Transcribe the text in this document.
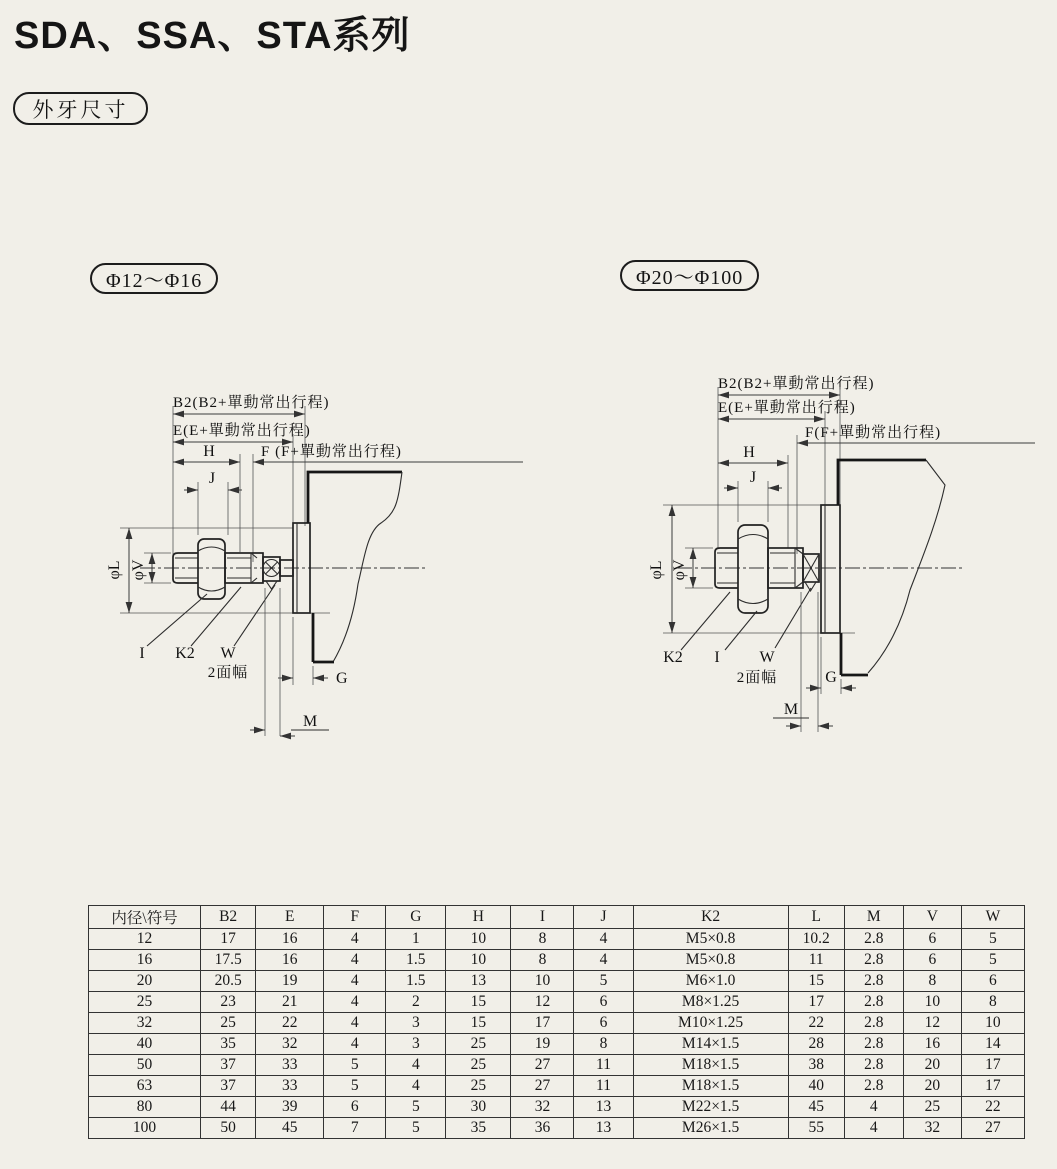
SDA、SSA、STA系列
外牙尺寸
Φ12～Φ16	Φ20～Φ100
B2(B2+單動常出行程)
E(E+單動常出行程)
H	F (F+單動常出行程)
J
φL φV
I K2 W
2面幅	G
M
B2(B2+單動常出行程)
E(E+單動常出行程)
F(F+單動常出行程)
H
J
φL φV
K2 I W
2面幅	G
M
内径\符号	B2	E	F	G	H	I	J	K2	L	M	V	W
12	17	16	4	1	10	8	4	M5×0.8	10.2	2.8	6	5
16	17.5	16	4	1.5	10	8	4	M5×0.8	11	2.8	6	5
20	20.5	19	4	1.5	13	10	5	M6×1.0	15	2.8	8	6
25	23	21	4	2	15	12	6	M8×1.25	17	2.8	10	8
32	25	22	4	3	15	17	6	M10×1.25	22	2.8	12	10
40	35	32	4	3	25	19	8	M14×1.5	28	2.8	16	14
50	37	33	5	4	25	27	11	M18×1.5	38	2.8	20	17
63	37	33	5	4	25	27	11	M18×1.5	40	2.8	20	17
80	44	39	6	5	30	32	13	M22×1.5	45	4	25	22
100	50	45	7	5	35	36	13	M26×1.5	55	4	32	27
